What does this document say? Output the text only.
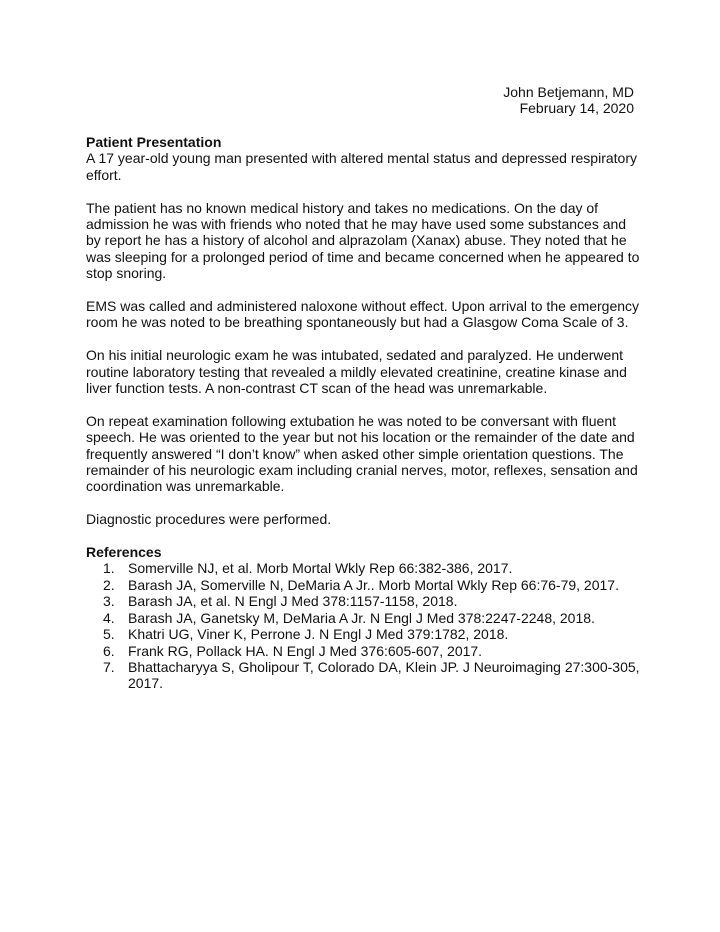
John Betjemann, MD
February 14, 2020
Patient Presentation

A 17 year-old young man presented with altered mental status and depressed respiratory effort.

The patient has no known medical history and takes no medications. On the day of admission he was with friends who noted that he may have used some substances and by report he has a history of alcohol and alprazolam (Xanax) abuse. They noted that he was sleeping for a prolonged period of time and became concerned when he appeared to stop snoring.

EMS was called and administered naloxone without effect. Upon arrival to the emergency room he was noted to be breathing spontaneously but had a Glasgow Coma Scale of 3.

On his initial neurologic exam he was intubated, sedated and paralyzed. He underwent routine laboratory testing that revealed a mildly elevated creatinine, creatine kinase and liver function tests. A non-contrast CT scan of the head was unremarkable.

On repeat examination following extubation he was noted to be conversant with fluent speech. He was oriented to the year but not his location or the remainder of the date and frequently answered “I don’t know” when asked other simple orientation questions. The remainder of his neurologic exam including cranial nerves, motor, reflexes, sensation and coordination was unremarkable.

Diagnostic procedures were performed.

References
1. Somerville NJ, et al. Morb Mortal Wkly Rep 66:382-386, 2017.
2. Barash JA, Somerville N, DeMaria A Jr.. Morb Mortal Wkly Rep 66:76-79, 2017.
3. Barash JA, et al. N Engl J Med 378:1157-1158, 2018.
4. Barash JA, Ganetsky M, DeMaria A Jr. N Engl J Med 378:2247-2248, 2018.
5. Khatri UG, Viner K, Perrone J. N Engl J Med 379:1782, 2018.
6. Frank RG, Pollack HA. N Engl J Med 376:605-607, 2017.
7. Bhattacharyya S, Gholipour T, Colorado DA, Klein JP. J Neuroimaging 27:300-305, 2017.
